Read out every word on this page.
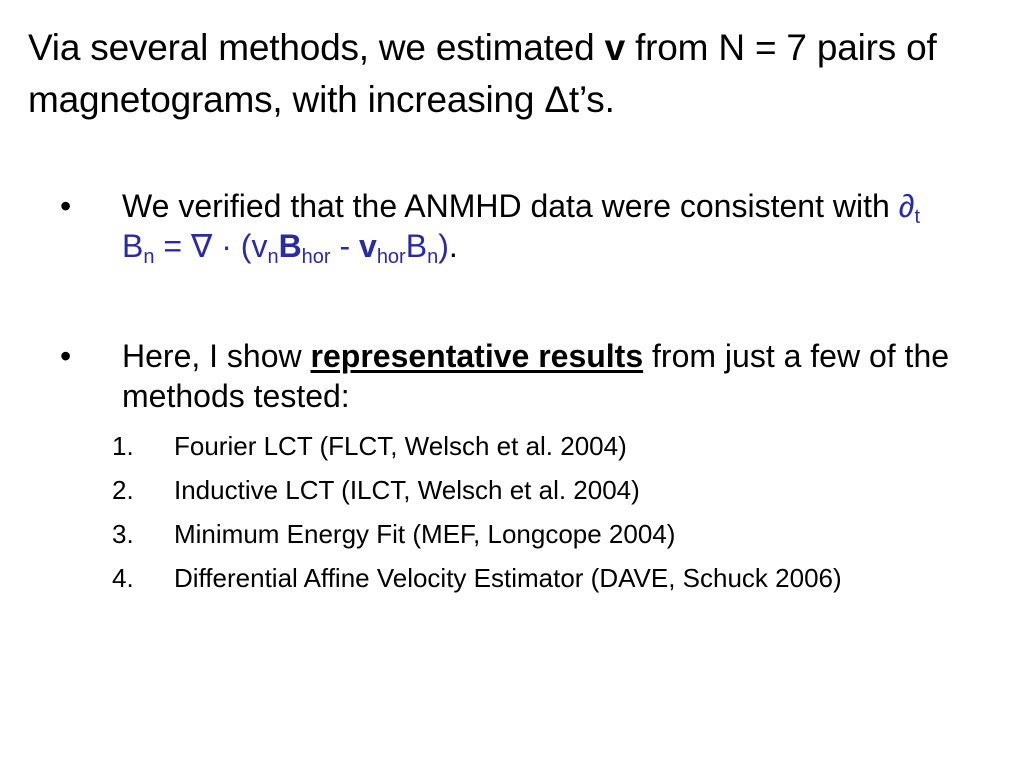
Via several methods, we estimated v from N = 7 pairs of magnetograms, with increasing Δt’s.
•	We verified that the ANMHD data were consistent with $\partial_t$ $B_n$ = ∇ · $(v_nB_{hor} - v_{hor}B_n)$.
•	Here, I show representative results from just a few of the methods tested:
1.	Fourier LCT (FLCT, Welsch et al. 2004)
2.	Inductive LCT (ILCT, Welsch et al. 2004)
3.	Minimum Energy Fit (MEF, Longcope 2004)
4.	Differential Affine Velocity Estimator (DAVE, Schuck 2006)
